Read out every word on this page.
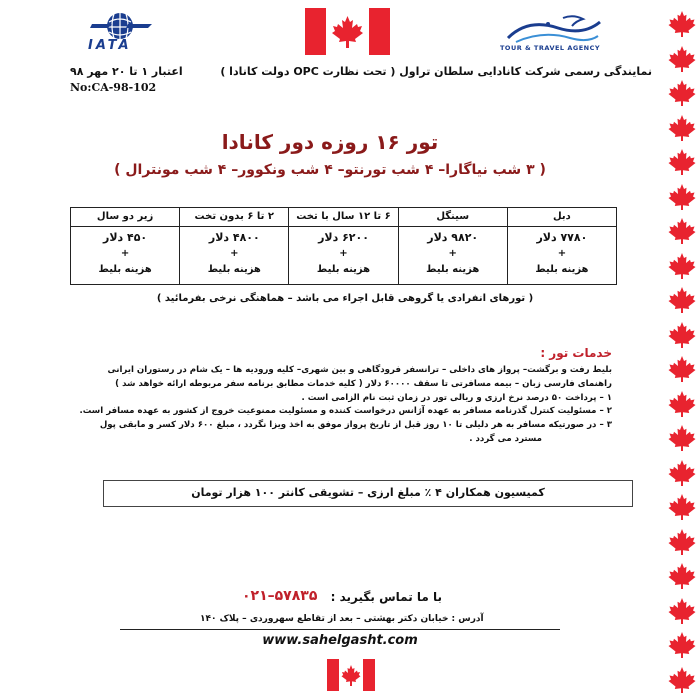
IATA	TOUR & TRAVEL AGENCY
نمایندگی رسمی شرکت کانادایی سلطان تراول ( تحت نظارت OPC دولت کانادا )
اعتبار ۱ تا ۲۰ مهر ۹۸
No:CA-98-102
تور ۱۶ روزه دور کانادا
( ۳ شب نیاگارا– ۴ شب تورنتو– ۴ شب ونکوور– ۴ شب مونترال )
دبل
۷۷۸۰ دلار
+
هزینه بلیط
سینگل
۹۸۲۰ دلار
+
هزینه بلیط
۶ تا ۱۲ سال با تخت
۶۲۰۰ دلار
+
هزینه بلیط
۲ تا ۶ بدون تخت
۴۸۰۰ دلار
+
هزینه بلیط
زیر دو سال
۴۵۰ دلار
+
هزینه بلیط
( تورهای انفرادی یا گروهی قابل اجراء می باشد – هماهنگی نرخی بفرمائید )
خدمات تور :

بلیط رفت و برگشت– پرواز های داخلی – ترانسفر فرودگاهی و بین شهری– کلیه ورودیه ها – یک شام در رستوران ایرانی

راهنمای فارسی زبان – بیمه مسافرتی تا سقف ۶۰۰۰۰ دلار ( کلیه خدمات مطابق برنامه سفر مربوطه ارائه خواهد شد )

۱ – پرداخت ۵۰ درصد نرخ ارزی و ریالی تور در زمان ثبت نام الزامی است .

۲ – مسئولیت کنترل گذرنامه مسافر به عهده آژانس درخواست کننده و مسئولیت ممنوعیت خروج از کشور به عهده مسافر است.

۳ – در صورتیکه مسافر به هر دلیلی تا ۱۰ روز قبل از تاریخ پرواز موفق به اخذ ویزا نگردد ، مبلغ ۶۰۰ دلار کسر و مابقی پول

مسترد می گردد .

کمیسیون همکاران ۴ ٪ مبلغ ارزی – تشویقی کانتر ۱۰۰ هزار تومان
با ما تماس بگیرید :
۰۲۱–۵۷۸۳۵
آدرس : خیابان دکتر بهشتی – بعد از تقاطع سهروردی – پلاک ۱۴۰
www.sahelgasht.com
